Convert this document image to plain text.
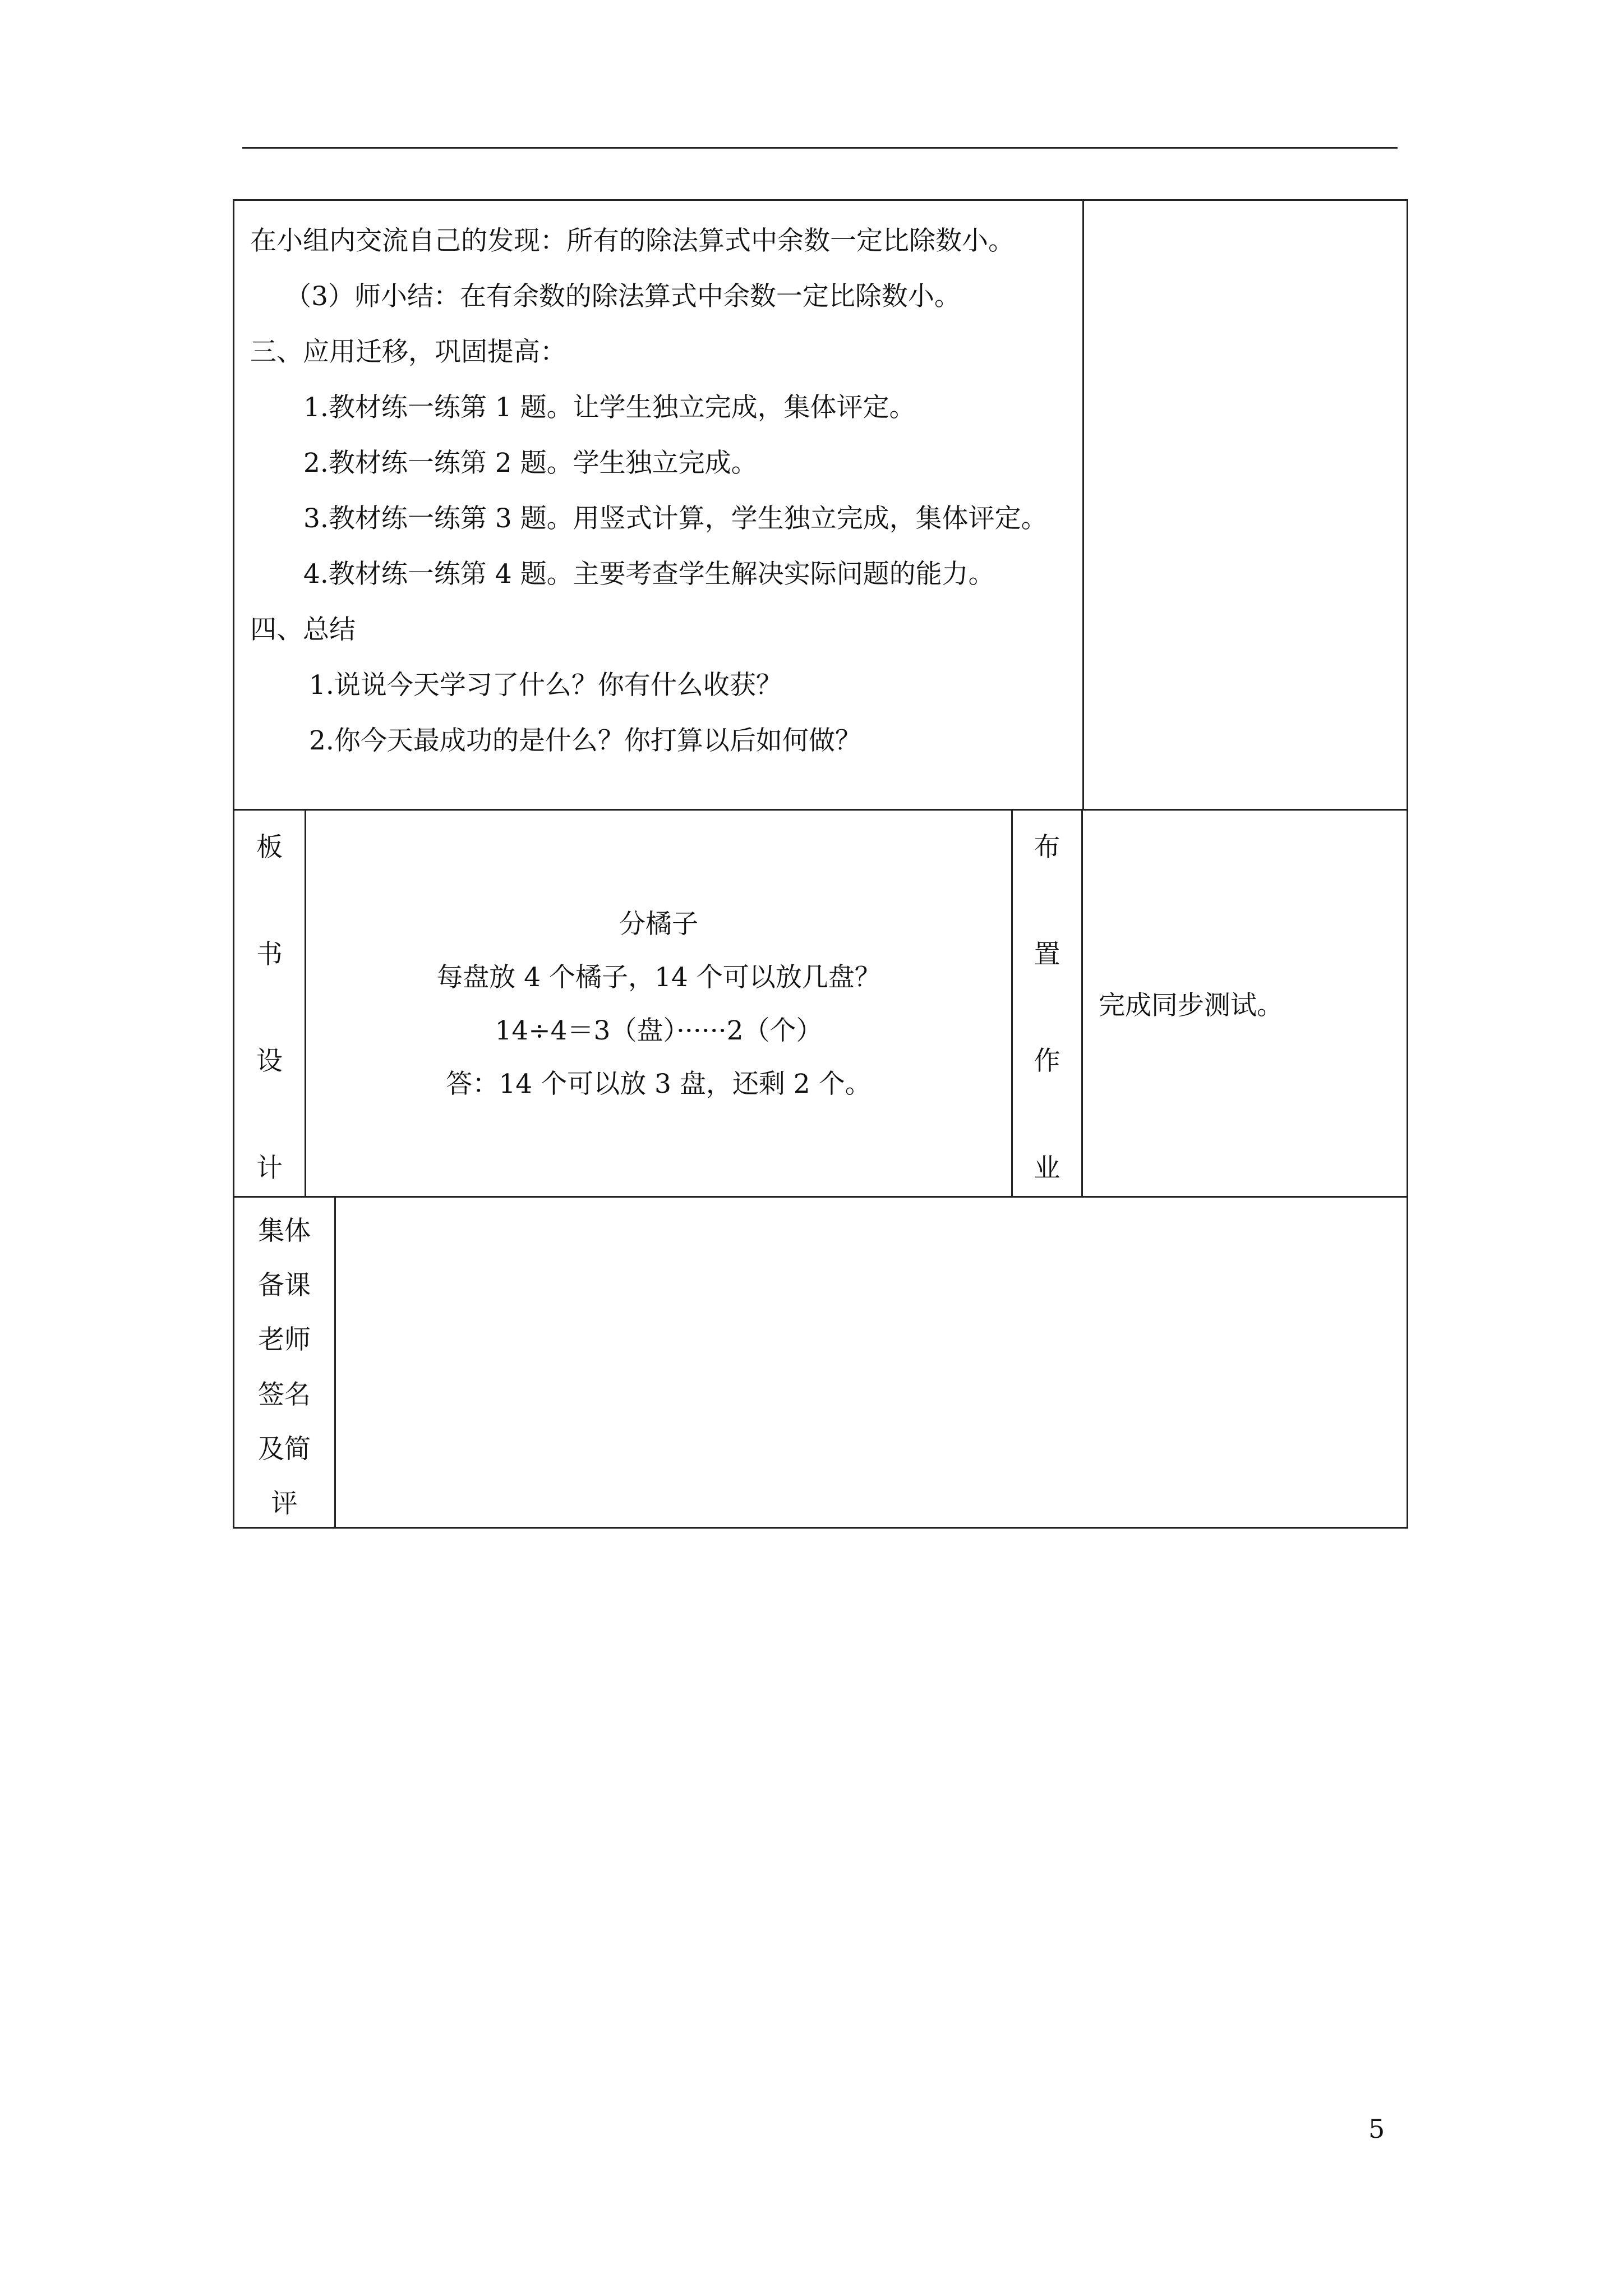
在小组内交流自己的发现：所有的除法算式中余数一定比除数小。
（3）师小结：在有余数的除法算式中余数一定比除数小。
三、应用迁移，巩固提高：
1.教材练一练第 1 题。让学生独立完成，集体评定。
2.教材练一练第 2 题。学生独立完成。
3.教材练一练第 3 题。用竖式计算，学生独立完成，集体评定。
4.教材练一练第 4 题。主要考查学生解决实际问题的能力。
四、总结
1.说说今天学习了什么？你有什么收获？
2.你今天最成功的是什么？你打算以后如何做？
板
书
设
计
分橘子
每盘放 4 个橘子，14 个可以放几盘？
14÷4＝3（盘）······2（个）
答：14 个可以放 3 盘，还剩 2 个。
布
置
作
业
完成同步测试。
集体
备课
老师
签名
及简
评
5
